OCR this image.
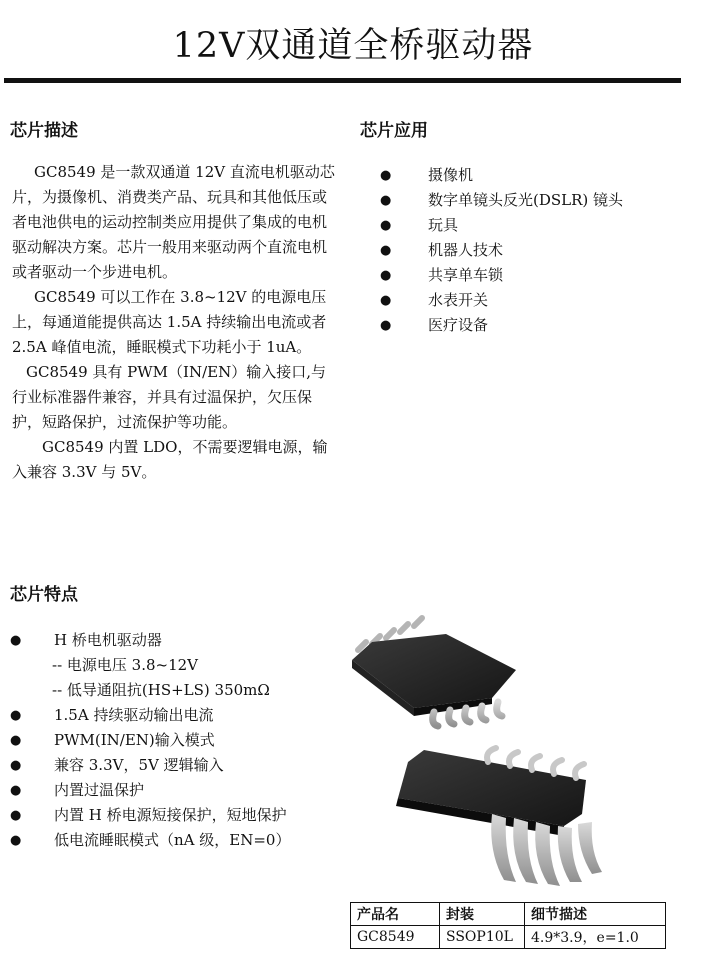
12V双通道全桥驱动器
芯片描述

GC8549 是一款双通道 12V 直流电机驱动芯片，为摄像机、消费类产品、玩具和其他低压或者电池供电的运动控制类应用提供了集成的电机驱动解决方案。芯片一般用来驱动两个直流电机或者驱动一个步进电机。

GC8549 可以工作在 3.8~12V 的电源电压上，每通道能提供高达 1.5A 持续输出电流或者 2.5A 峰值电流，睡眠模式下功耗小于 1uA。

GC8549 具有 PWM（IN/EN）输入接口,与行业标准器件兼容，并具有过温保护，欠压保护，短路保护，过流保护等功能。

GC8549 内置 LDO，不需要逻辑电源，输入兼容 3.3V 与 5V。

芯片应用
● 摄像机
● 数字单镜头反光(DSLR) 镜头
● 玩具
● 机器人技术
● 共享单车锁
● 水表开关
● 医疗设备
芯片特点
● H 桥电机驱动器
-- 电源电压 3.8~12V
-- 低导通阻抗(HS+LS) 350mΩ
● 1.5A 持续驱动输出电流
● PWM(IN/EN)输入模式
● 兼容 3.3V，5V 逻辑输入
● 内置过温保护
● 内置 H 桥电源短接保护，短地保护
● 低电流睡眠模式（nA 级，EN=0）
产品名	封装	细节描述
GC8549	SSOP10L	4.9*3.9，e=1.0
